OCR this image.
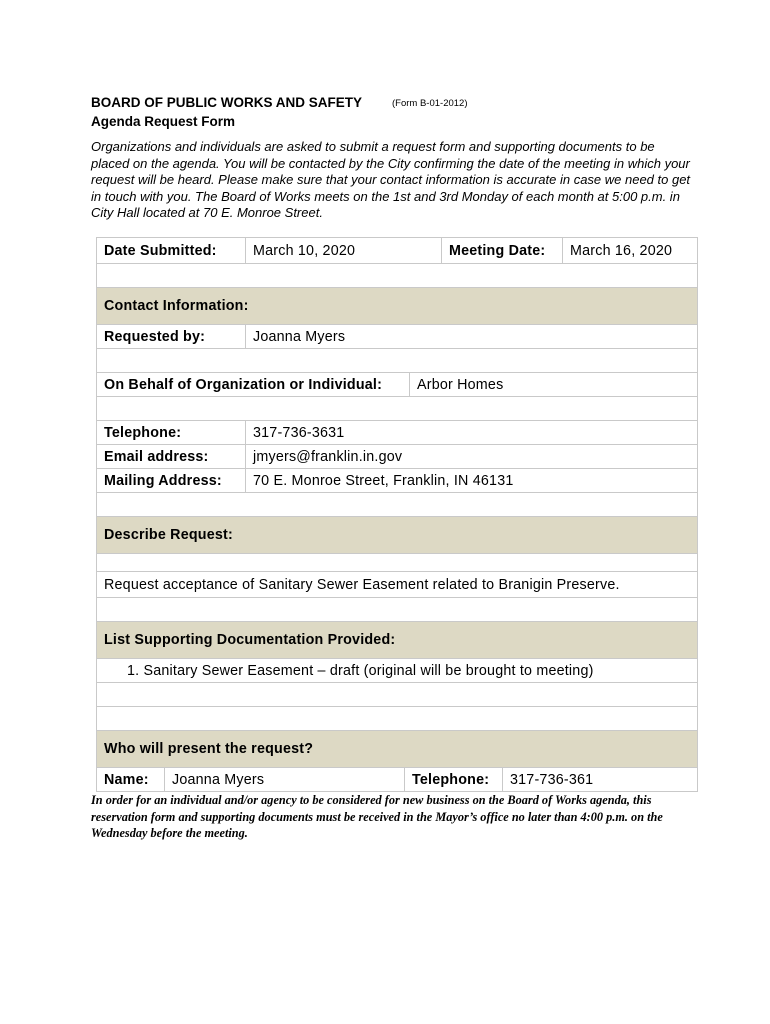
BOARD OF PUBLIC WORKS AND SAFETY	(Form B-01-2012)
Agenda Request Form
Organizations and individuals are asked to submit a request form and supporting documents to be placed on the agenda. You will be contacted by the City confirming the date of the meeting in which your request will be heard. Please make sure that your contact information is accurate in case we need to get in touch with you. The Board of Works meets on the 1st and 3rd Monday of each month at 5:00 p.m. in City Hall located at 70 E. Monroe Street.
Date Submitted:	March 10, 2020	Meeting Date:	March 16, 2020
Contact Information:
Requested by:	Joanna Myers
On Behalf of Organization or Individual:	Arbor Homes
Telephone:	317-736-3631
Email address:	jmyers@franklin.in.gov
Mailing Address:	70 E. Monroe Street, Franklin, IN 46131
Describe Request:
Request acceptance of Sanitary Sewer Easement related to Branigin Preserve.
List Supporting Documentation Provided:
1. Sanitary Sewer Easement – draft (original will be brought to meeting)
Who will present the request?
Name:	Joanna Myers	Telephone:	317-736-361
In order for an individual and/or agency to be considered for new business on the Board of Works agenda, this reservation form and supporting documents must be received in the Mayor’s office no later than 4:00 p.m. on the Wednesday before the meeting.
